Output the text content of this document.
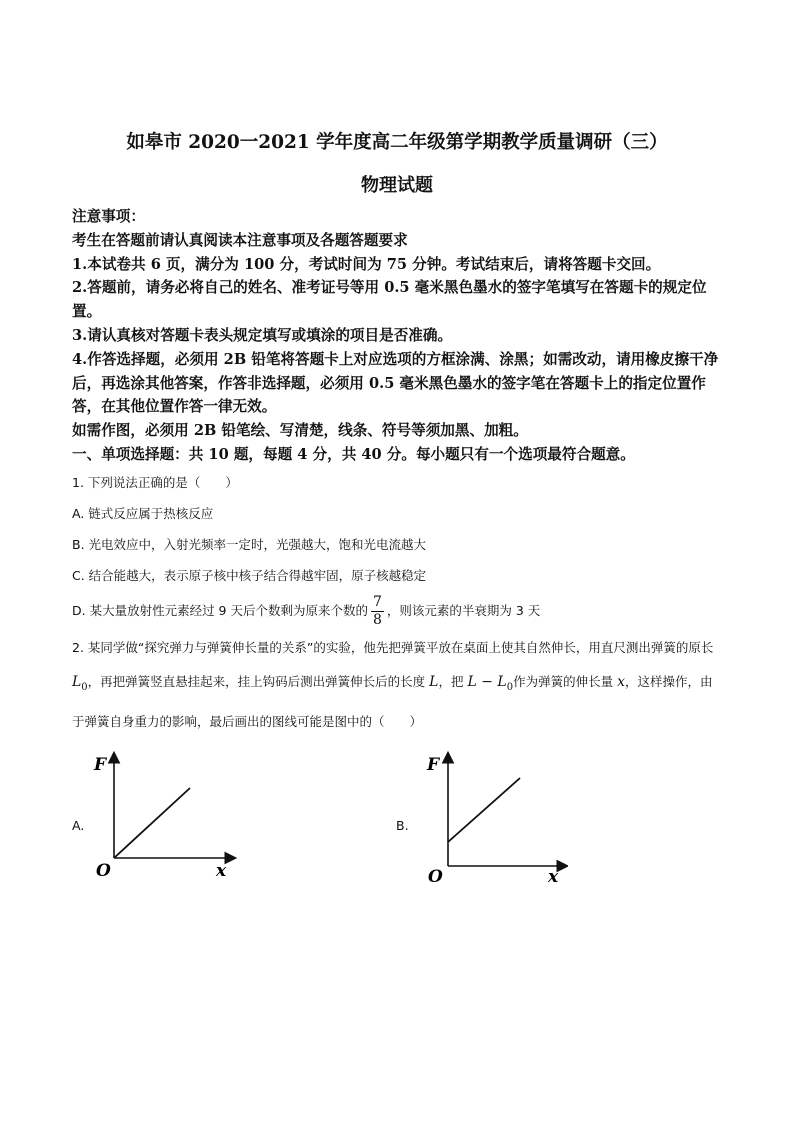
如皋市 2020一2021 学年度高二年级第学期教学质量调研（三）
物理试题

注意事项：

考生在答题前请认真阅读本注意事项及各题答题要求

1.本试卷共 6 页，满分为 100 分，考试时间为 75 分钟。考试结束后，请将答题卡交回。

2.答题前，请务必将自己的姓名、准考证号等用 0.5 毫米黑色墨水的签字笔填写在答题卡的规定位置。

3.请认真核对答题卡表头规定填写或填涂的项目是否准确。

4.作答选择题，必须用 2B 铅笔将答题卡上对应选项的方框涂满、涂黑；如需改动，请用橡皮擦干净后，再选涂其他答案，作答非选择题，必须用 0.5 毫米黑色墨水的签字笔在答题卡上的指定位置作答，在其他位置作答一律无效。

如需作图，必须用 2B 铅笔绘、写清楚，线条、符号等须加黑、加粗。

一、单项选择题：共 10 题，每题 4 分，共 40 分。每小题只有一个选项最符合题意。

1. 下列说法正确的是（　　）

A. 链式反应属于热核反应

B. 光电效应中，入射光频率一定时，光强越大，饱和光电流越大

C. 结合能越大，表示原子核中核子结合得越牢固，原子核越稳定

D. 某大量放射性元素经过 9 天后个数剩为原来个数的 $\frac{7}{8}$ ，则该元素的半衰期为 3 天

2. 某同学做“探究弹力与弹簧伸长量的关系”的实验，他先把弹簧平放在桌面上使其自然伸长，用直尺测出弹簧的原长 $L_0$，再把弹簧竖直悬挂起来，挂上钩码后测出弹簧伸长后的长度 L，把 $L - L_0$作为弹簧的伸长量 x，这样操作，由于弹簧自身重力的影响，最后画出的图线可能是图中的（　　）

A.
F
O	x
B.
F
O	x
